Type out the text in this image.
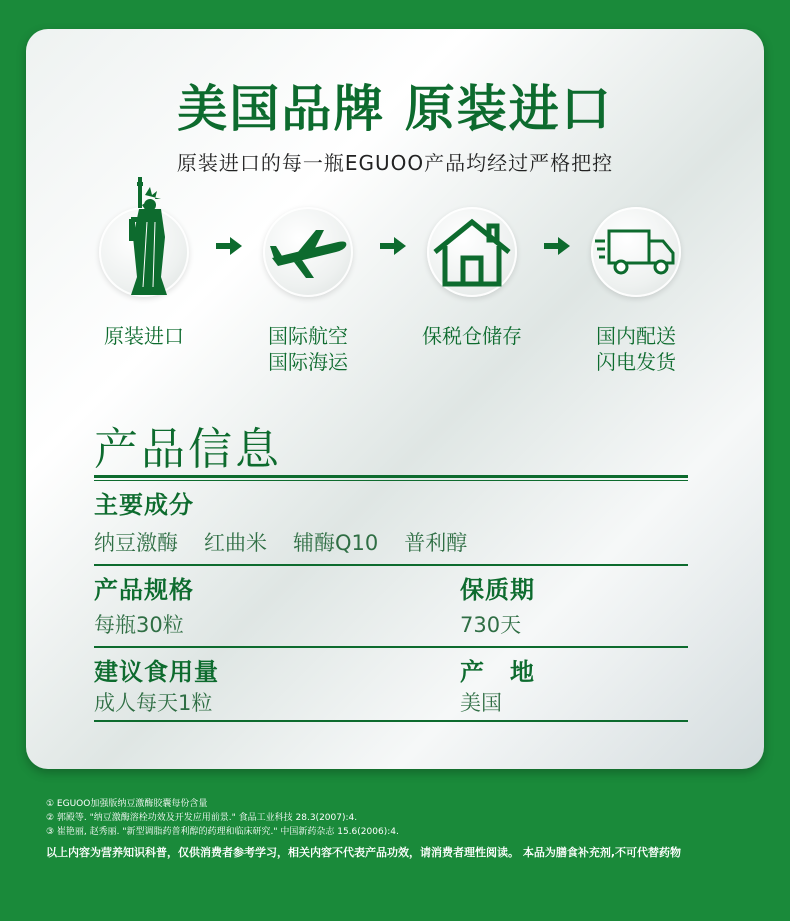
美国品牌 原装进口
原装进口的每一瓶EGUOO产品均经过严格把控
原装进口	国际航空
国际海运
保税仓储存	国内配送
闪电发货
产品信息
主要成分
纳豆激酶 红曲米 辅酶Q10 普利醇
产品规格	保质期
每瓶30粒	730天
建议食用量	产　地
成人每天1粒	美国
① EGUOO加强版纳豆激酶胶囊每份含量
② 郭殿等. "纳豆激酶溶栓功效及开发应用前景." 食品工业科技 28.3(2007):4.
③ 崔艳丽, 赵秀丽. "新型调脂药普利醇的药理和临床研究." 中国新药杂志 15.6(2006):4.
以上内容为营养知识科普，仅供消费者参考学习，相关内容不代表产品功效，请消费者理性阅读。 本品为膳食补充剂,不可代替药物
